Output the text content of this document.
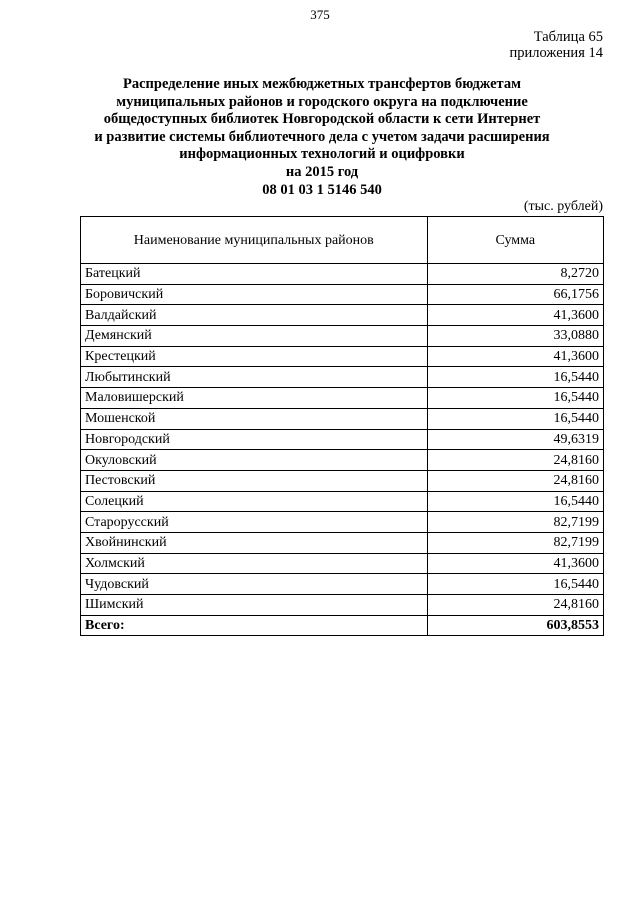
375
Таблица 65
приложения 14
Распределение иных межбюджетных трансфертов бюджетам
муниципальных районов и городского округа на подключение
общедоступных библиотек Новгородской области к сети Интернет
и развитие системы библиотечного дела с учетом задачи расширения
информационных технологий и оцифровки
на 2015 год
08 01 03 1 5146 540
(тыс. рублей)
Наименование муниципальных районов	Сумма
Батецкий	8,2720
Боровичский	66,1756
Валдайский	41,3600
Демянский	33,0880
Крестецкий	41,3600
Любытинский	16,5440
Маловишерский	16,5440
Мошенской	16,5440
Новгородский	49,6319
Окуловский	24,8160
Пестовский	24,8160
Солецкий	16,5440
Старорусский	82,7199
Хвойнинский	82,7199
Холмский	41,3600
Чудовский	16,5440
Шимский	24,8160
Всего:	603,8553
